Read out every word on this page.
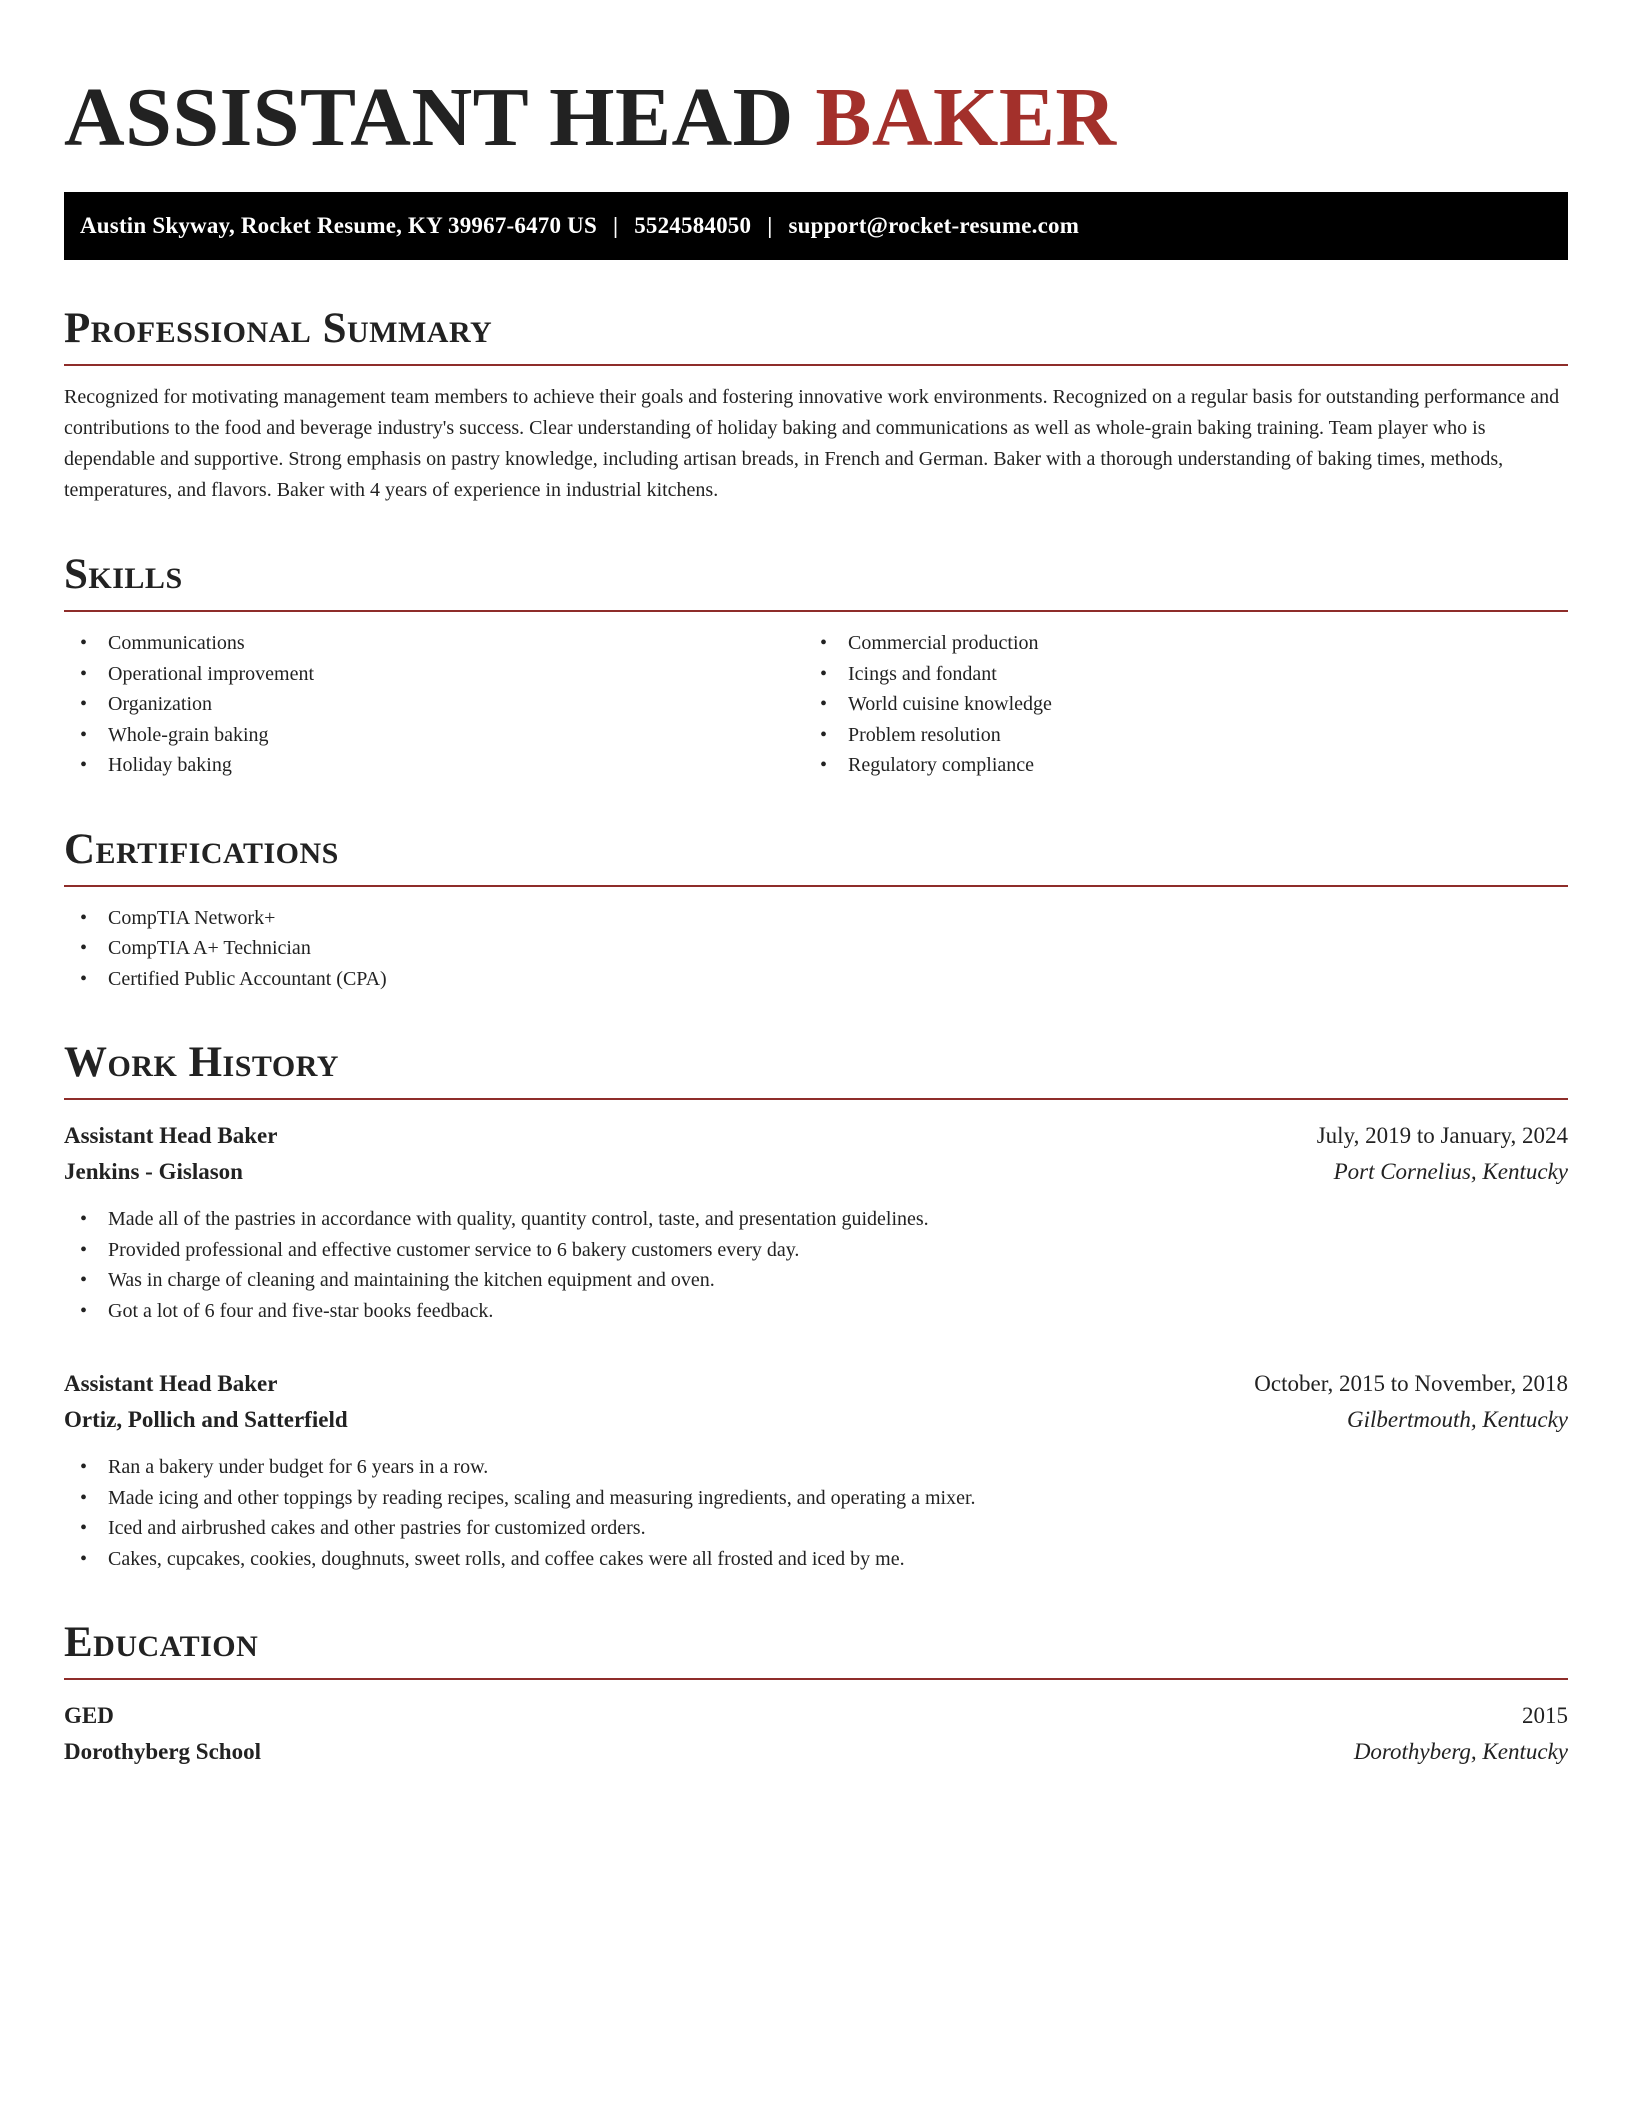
ASSISTANT HEAD BAKER
Austin Skyway, Rocket Resume, KY 39967-6470 US | 5524584050 | support@rocket-resume.com
Professional Summary

Recognized for motivating management team members to achieve their goals and fostering innovative work environments. Recognized on a regular basis for outstanding performance and contributions to the food and beverage industry's success. Clear understanding of holiday baking and communications as well as whole-grain baking training. Team player who is dependable and supportive. Strong emphasis on pastry knowledge, including artisan breads, in French and German. Baker with a thorough understanding of baking times, methods, temperatures, and flavors. Baker with 4 years of experience in industrial kitchens.

Skills
• Communications
• Operational improvement
• Organization
• Whole-grain baking
• Holiday baking
• Commercial production
• Icings and fondant
• World cuisine knowledge
• Problem resolution
• Regulatory compliance
Certifications
• CompTIA Network+
• CompTIA A+ Technician
• Certified Public Accountant (CPA)
Work History
Assistant Head Baker	July, 2019 to January, 2024
Jenkins - Gislason	Port Cornelius, Kentucky
• Made all of the pastries in accordance with quality, quantity control, taste, and presentation guidelines.
• Provided professional and effective customer service to 6 bakery customers every day.
• Was in charge of cleaning and maintaining the kitchen equipment and oven.
• Got a lot of 6 four and five-star books feedback.
Assistant Head Baker	October, 2015 to November, 2018
Ortiz, Pollich and Satterfield	Gilbertmouth, Kentucky
• Ran a bakery under budget for 6 years in a row.
• Made icing and other toppings by reading recipes, scaling and measuring ingredients, and operating a mixer.
• Iced and airbrushed cakes and other pastries for customized orders.
• Cakes, cupcakes, cookies, doughnuts, sweet rolls, and coffee cakes were all frosted and iced by me.
Education
GED	2015
Dorothyberg School	Dorothyberg, Kentucky
